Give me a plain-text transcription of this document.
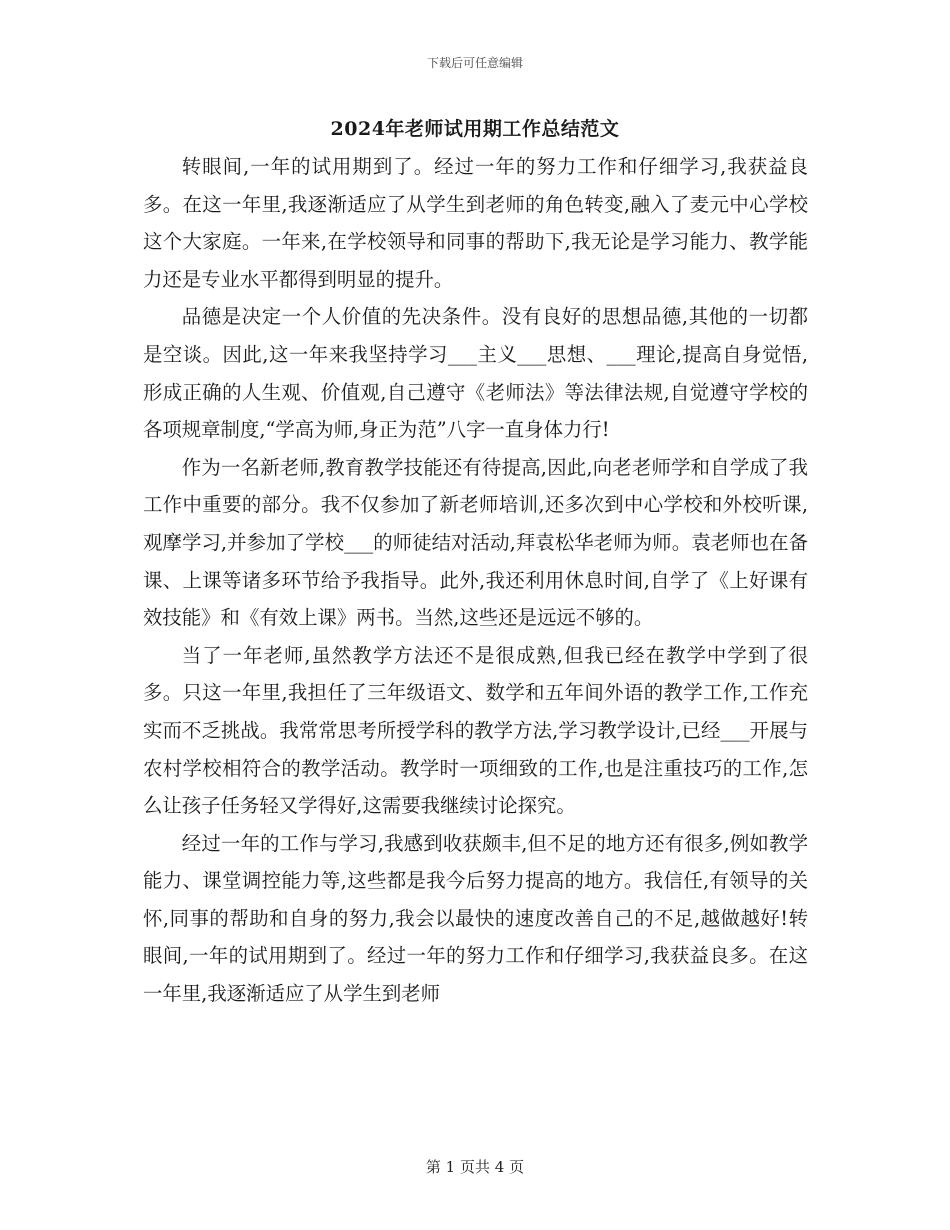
下载后可任意编辑
2024年老师试用期工作总结范文

转眼间,一年的试用期到了。经过一年的努力工作和仔细学习,我获益良多。在这一年里,我逐渐适应了从学生到老师的角色转变,融入了麦元中心学校这个大家庭。一年来,在学校领导和同事的帮助下,我无论是学习能力、教学能力还是专业水平都得到明显的提升。

品德是决定一个人价值的先决条件。没有良好的思想品德,其他的一切都是空谈。因此,这一年来我坚持学习___主义___思想、___理论,提高自身觉悟,形成正确的人生观、价值观,自己遵守《老师法》等法律法规,自觉遵守学校的各项规章制度,“学高为师,身正为范”八字一直身体力行!

作为一名新老师,教育教学技能还有待提高,因此,向老老师学和自学成了我工作中重要的部分。我不仅参加了新老师培训,还多次到中心学校和外校听课,观摩学习,并参加了学校___的师徒结对活动,拜袁松华老师为师。袁老师也在备课、上课等诸多环节给予我指导。此外,我还利用休息时间,自学了《上好课有效技能》和《有效上课》两书。当然,这些还是远远不够的。

当了一年老师,虽然教学方法还不是很成熟,但我已经在教学中学到了很多。只这一年里,我担任了三年级语文、数学和五年间外语的教学工作,工作充实而不乏挑战。我常常思考所授学科的教学方法,学习教学设计,已经___开展与农村学校相符合的教学活动。教学时一项细致的工作,也是注重技巧的工作,怎么让孩子任务轻又学得好,这需要我继续讨论探究。

经过一年的工作与学习,我感到收获颇丰,但不足的地方还有很多,例如教学能力、课堂调控能力等,这些都是我今后努力提高的地方。我信任,有领导的关怀,同事的帮助和自身的努力,我会以最快的速度改善自己的不足,越做越好!转眼间,一年的试用期到了。经过一年的努力工作和仔细学习,我获益良多。在这一年里,我逐渐适应了从学生到老师

第 1 页共 4 页
